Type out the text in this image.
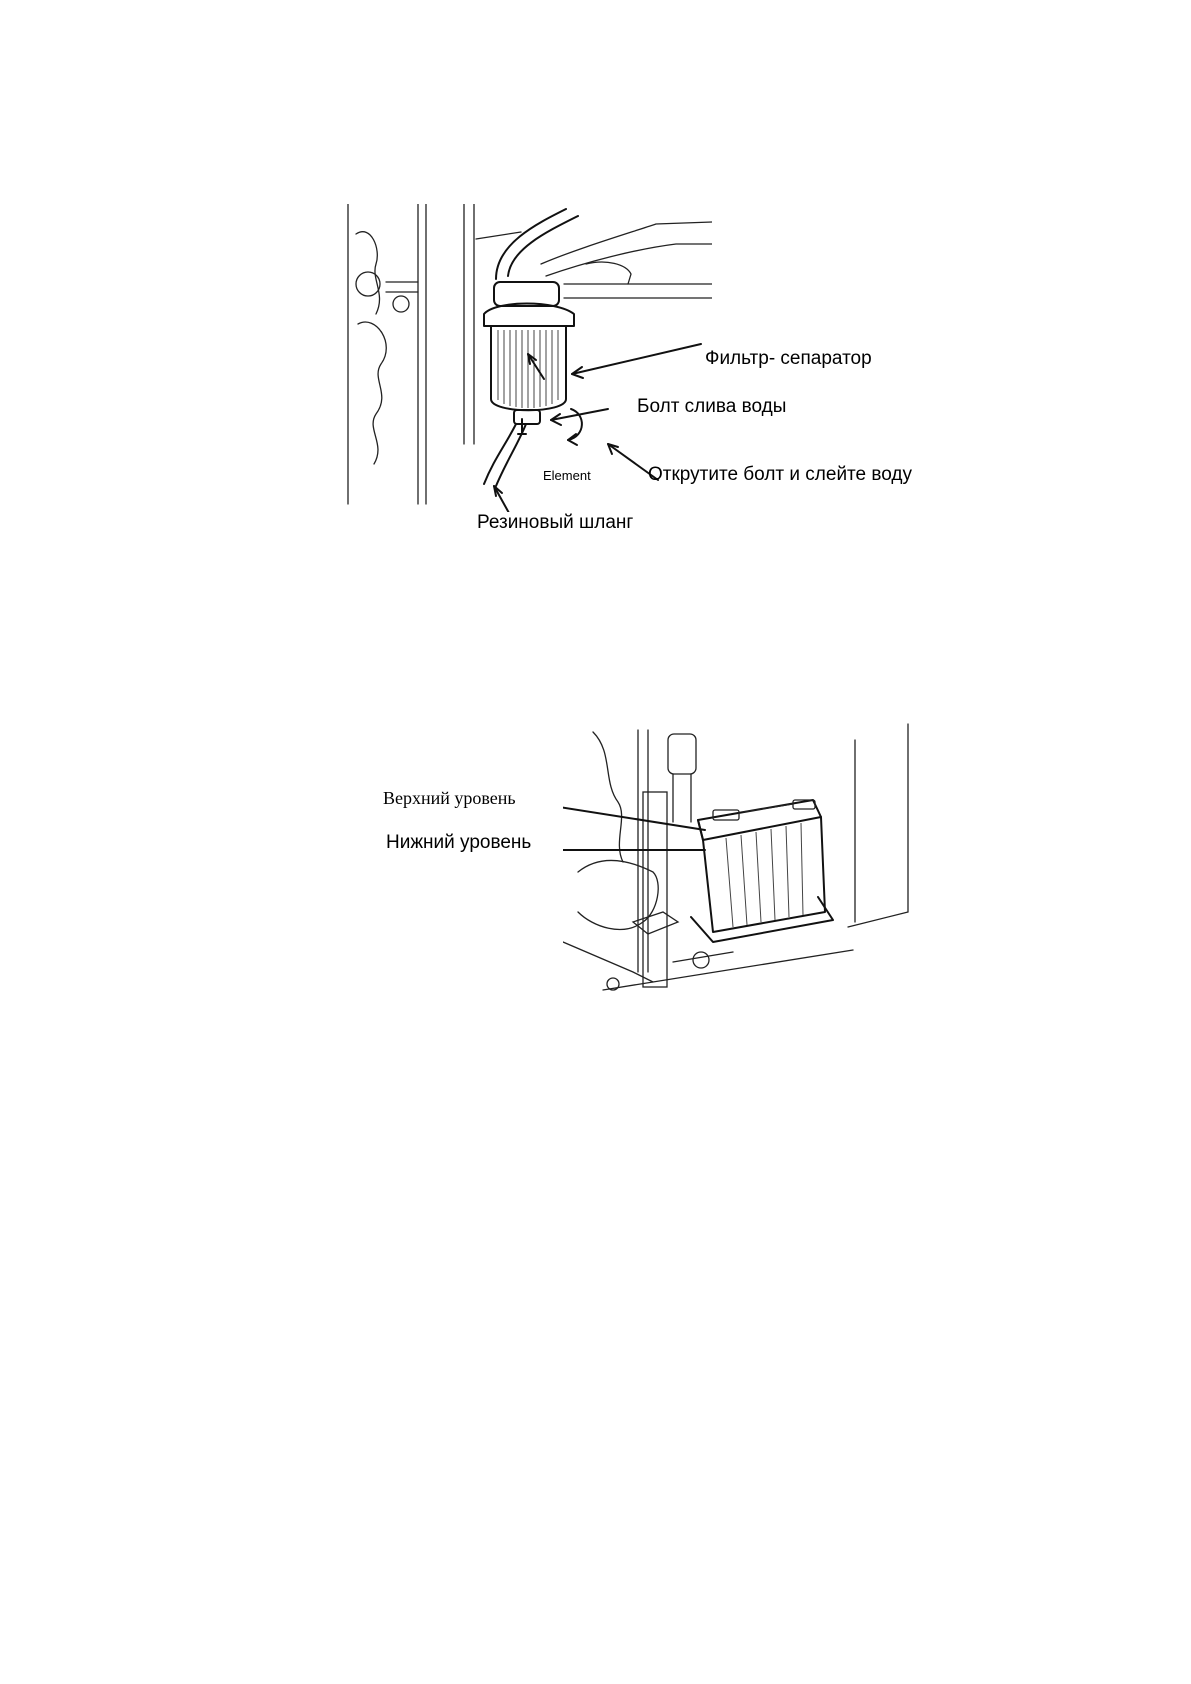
Фильтр- сепаратор
Болт слива воды
Element	Открутите болт и слейте воду
Резиновый шланг
Верхний уровень
Нижний уровень
